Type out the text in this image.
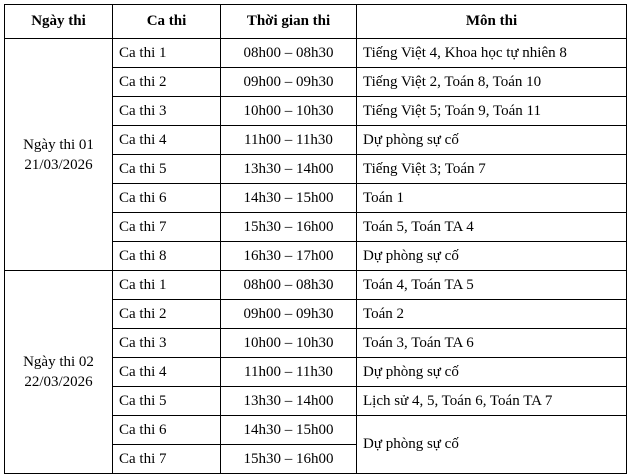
Ngày thi	Ca thi	Thời gian thi	Môn thi

Ngày thi 01
21/03/2026	Ca thi 1	08h00 – 08h30	Tiếng Việt 4, Khoa học tự nhiên 8
	Ca thi 2	09h00 – 09h30	Tiếng Việt 2, Toán 8, Toán 10
	Ca thi 3	10h00 – 10h30	Tiếng Việt 5; Toán 9, Toán 11
	Ca thi 4	11h00 – 11h30	Dự phòng sự cố
	Ca thi 5	13h30 – 14h00	Tiếng Việt 3; Toán 7
	Ca thi 6	14h30 – 15h00	Toán 1
	Ca thi 7	15h30 – 16h00	Toán 5, Toán TA 4
	Ca thi 8	16h30 – 17h00	Dự phòng sự cố

Ngày thi 02
22/03/2026	Ca thi 1	08h00 – 08h30	Toán 4, Toán TA 5
	Ca thi 2	09h00 – 09h30	Toán 2
	Ca thi 3	10h00 – 10h30	Toán 3, Toán TA 6
	Ca thi 4	11h00 – 11h30	Dự phòng sự cố
	Ca thi 5	13h30 – 14h00	Lịch sử 4, 5, Toán 6, Toán TA 7
	Ca thi 6	14h30 – 15h00	Dự phòng sự cố
	Ca thi 7	15h30 – 16h00	
